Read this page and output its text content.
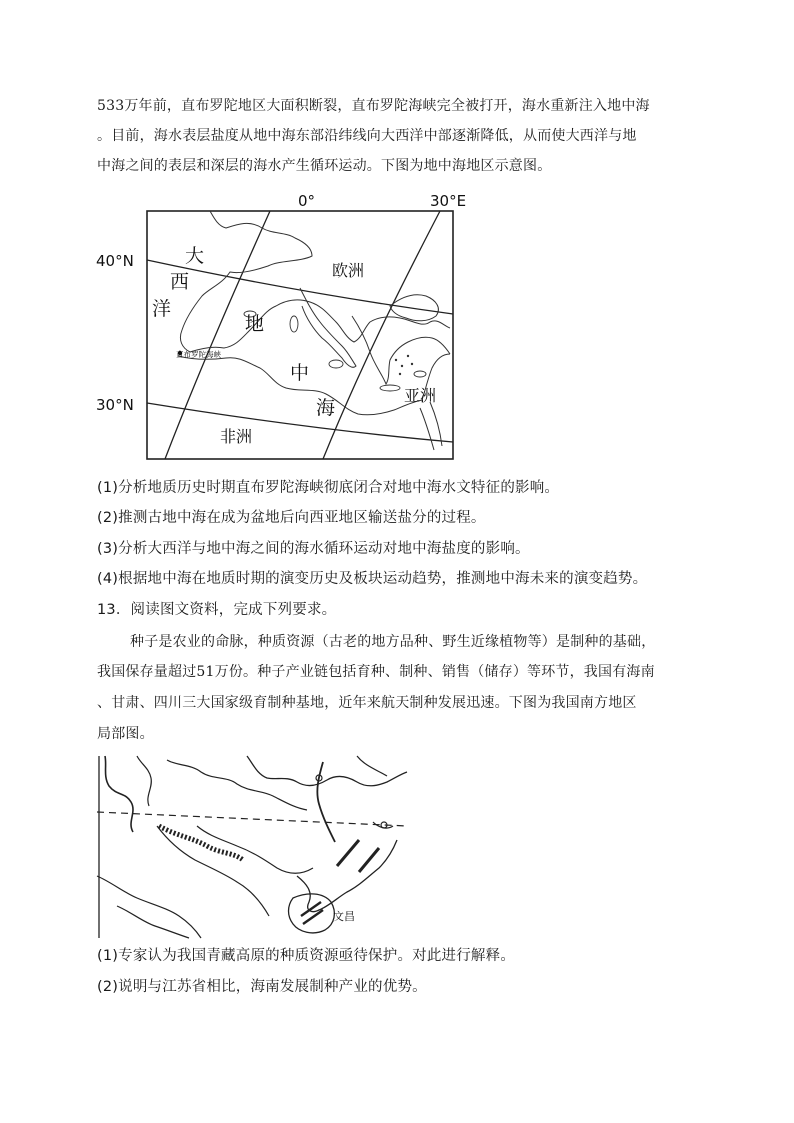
533万年前，直布罗陀地区大面积断裂，直布罗陀海峡完全被打开，海水重新注入地中海
。目前，海水表层盐度从地中海东部沿纬线向大西洋中部逐渐降低，从而使大西洋与地
中海之间的表层和深层的海水产生循环运动。下图为地中海地区示意图。
0°	30°E
40°N
30°N
大
西
洋
地
中
海
欧洲
亚洲
非洲
直布罗陀海峡
(1)分析地质历史时期直布罗陀海峡彻底闭合对地中海水文特征的影响。
(2)推测古地中海在成为盆地后向西亚地区输送盐分的过程。
(3)分析大西洋与地中海之间的海水循环运动对地中海盐度的影响。
(4)根据地中海在地质时期的演变历史及板块运动趋势，推测地中海未来的演变趋势。
13．阅读图文资料，完成下列要求。
种子是农业的命脉，种质资源（古老的地方品种、野生近缘植物等）是制种的基础，
我国保存量超过51万份。种子产业链包括育种、制种、销售（储存）等环节，我国有海南
、甘肃、四川三大国家级育制种基地，近年来航天制种发展迅速。下图为我国南方地区
局部图。
文昌
(1)专家认为我国青藏高原的种质资源亟待保护。对此进行解释。
(2)说明与江苏省相比，海南发展制种产业的优势。
